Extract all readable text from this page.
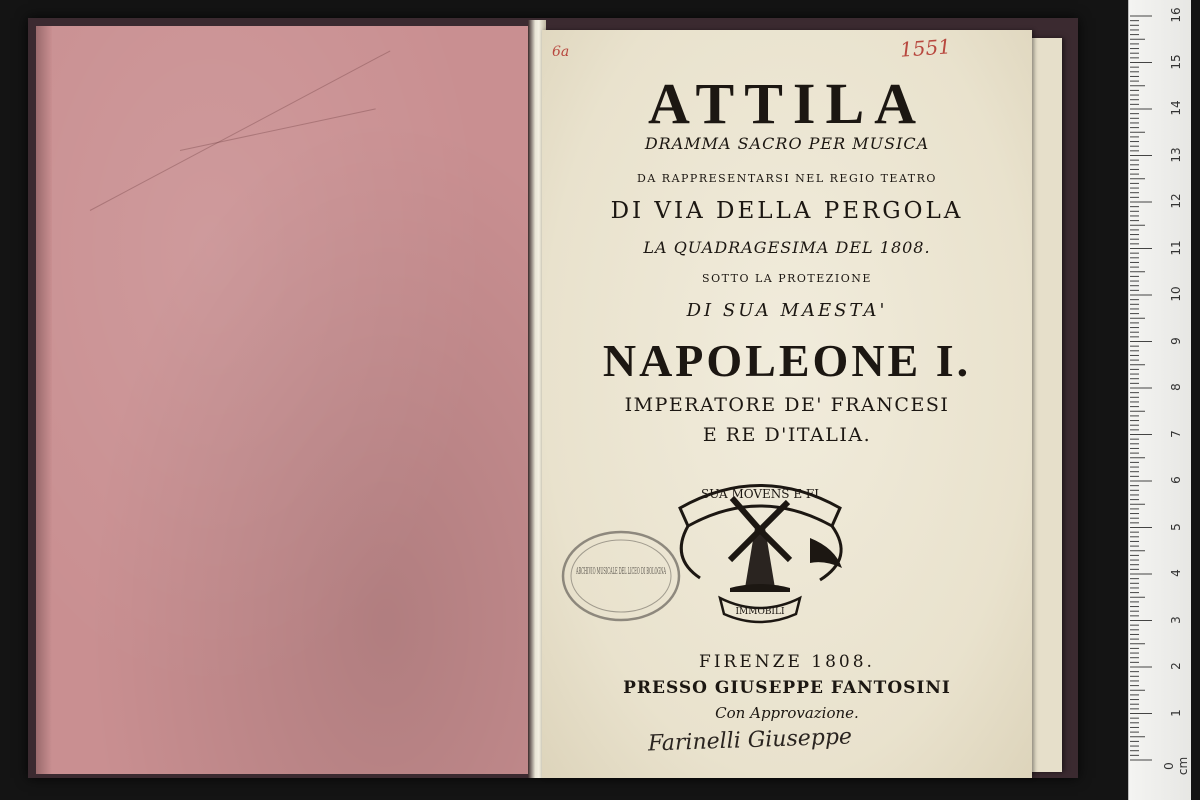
6a	1551
ATTILA
DRAMMA SACRO PER MUSICA
DA RAPPRESENTARSI NEL REGIO TEATRO
DI VIA DELLA PERGOLA
LA QUADRAGESIMA DEL 1808.
SOTTO LA PROTEZIONE
DI SUA MAESTA'
NAPOLEONE I.
IMPERATORE DE' FRANCESI
E RE D'ITALIA.
SUA MOVENS E FI
IMMOBILI
ARCHIVIO MUSICALE DEL LICEO DI BOLOGNA
FIRENZE 1808.
PRESSO GIUSEPPE FANTOSINI
Con Approvazione.
Farinelli Giuseppe
16
15
14
13
12
11
10
9
8
7
6
5
4
3
2
1
0 cm
